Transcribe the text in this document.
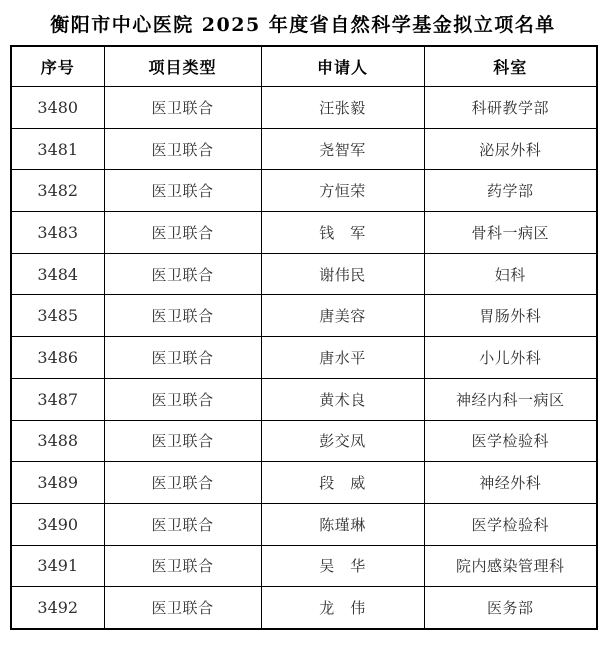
衡阳市中心医院 2025 年度省自然科学基金拟立项名单
序号	项目类型	申请人	科室
3480	医卫联合	汪张毅	科研教学部
3481	医卫联合	尧智军	泌尿外科
3482	医卫联合	方恒荣	药学部
3483	医卫联合	钱　军	骨科一病区
3484	医卫联合	谢伟民	妇科
3485	医卫联合	唐美容	胃肠外科
3486	医卫联合	唐水平	小儿外科
3487	医卫联合	黄术良	神经内科一病区
3488	医卫联合	彭交凤	医学检验科
3489	医卫联合	段　威	神经外科
3490	医卫联合	陈瑾琳	医学检验科
3491	医卫联合	吴　华	院内感染管理科
3492	医卫联合	龙　伟	医务部
